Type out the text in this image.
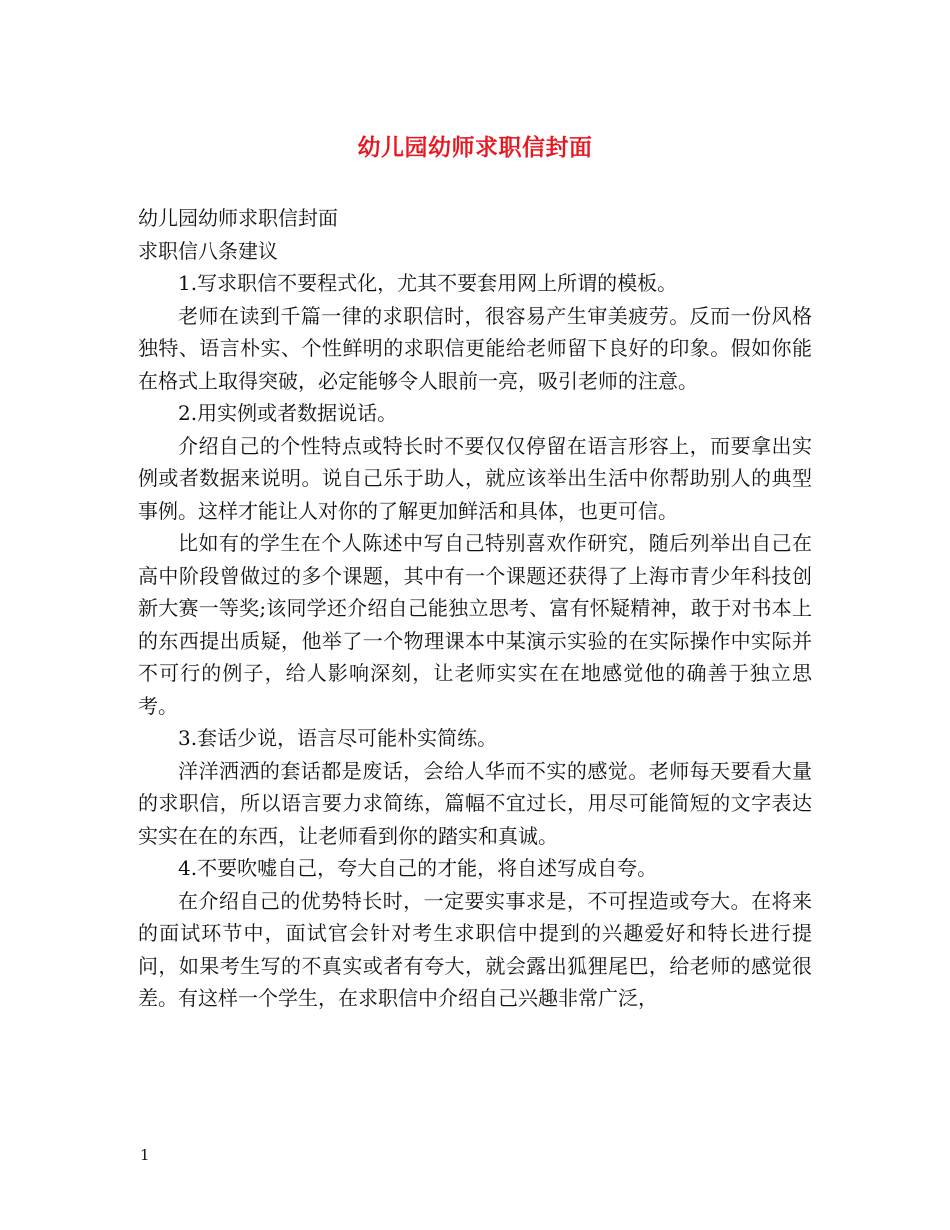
幼儿园幼师求职信封面

幼儿园幼师求职信封面

求职信八条建议

1.写求职信不要程式化，尤其不要套用网上所谓的模板。

老师在读到千篇一律的求职信时，很容易产生审美疲劳。反而一份风格独特、语言朴实、个性鲜明的求职信更能给老师留下良好的印象。假如你能在格式上取得突破，必定能够令人眼前一亮，吸引老师的注意。

2.用实例或者数据说话。

介绍自己的个性特点或特长时不要仅仅停留在语言形容上，而要拿出实例或者数据来说明。说自己乐于助人，就应该举出生活中你帮助别人的典型事例。这样才能让人对你的了解更加鲜活和具体，也更可信。

比如有的学生在个人陈述中写自己特别喜欢作研究，随后列举出自己在高中阶段曾做过的多个课题，其中有一个课题还获得了上海市青少年科技创新大赛一等奖;该同学还介绍自己能独立思考、富有怀疑精神，敢于对书本上的东西提出质疑，他举了一个物理课本中某演示实验的在实际操作中实际并不可行的例子，给人影响深刻，让老师实实在在地感觉他的确善于独立思考。

3.套话少说，语言尽可能朴实简练。

洋洋洒洒的套话都是废话，会给人华而不实的感觉。老师每天要看大量的求职信，所以语言要力求简练，篇幅不宜过长，用尽可能简短的文字表达实实在在的东西，让老师看到你的踏实和真诚。

4.不要吹嘘自己，夸大自己的才能，将自述写成自夸。

在介绍自己的优势特长时，一定要实事求是，不可捏造或夸大。在将来的面试环节中，面试官会针对考生求职信中提到的兴趣爱好和特长进行提问，如果考生写的不真实或者有夸大，就会露出狐狸尾巴，给老师的感觉很差。有这样一个学生，在求职信中介绍自己兴趣非常广泛，

1
